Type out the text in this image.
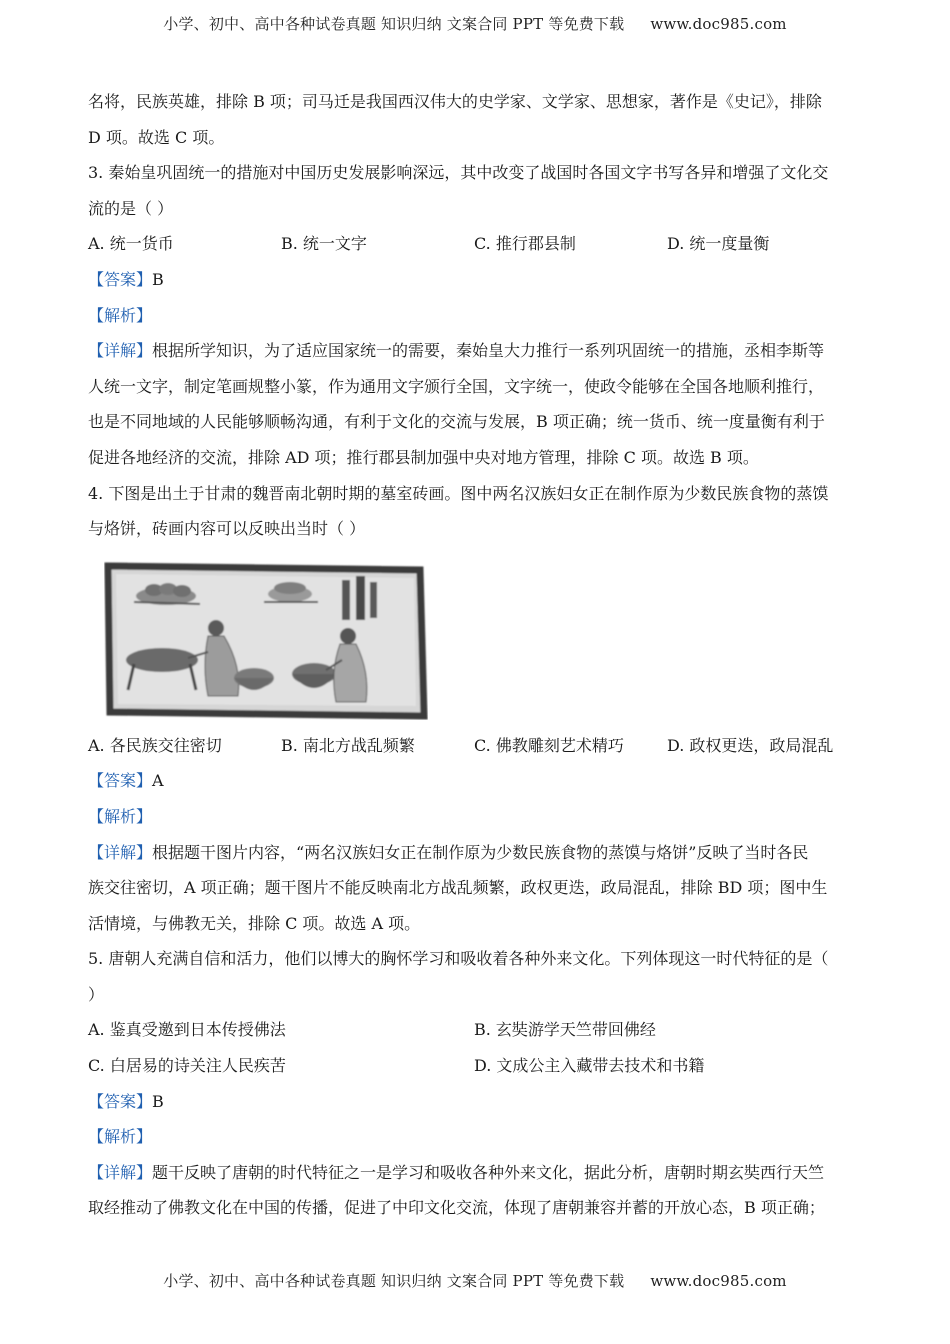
小学、初中、高中各种试卷真题 知识归纳 文案合同 PPT 等免费下载 www.doc985.com
名将，民族英雄，排除 B 项；司马迁是我国西汉伟大的史学家、文学家、思想家，著作是《史记》，排除
D 项。故选 C 项。
3. 秦始皇巩固统一的措施对中国历史发展影响深远，其中改变了战国时各国文字书写各异和增强了文化交
流的是（ ）
A. 统一货币	B. 统一文字	C. 推行郡县制	D. 统一度量衡
【答案】B
【解析】
【详解】根据所学知识，为了适应国家统一的需要，秦始皇大力推行一系列巩固统一的措施，丞相李斯等
人统一文字，制定笔画规整小篆，作为通用文字颁行全国，文字统一，使政令能够在全国各地顺利推行，
也是不同地域的人民能够顺畅沟通，有利于文化的交流与发展，B 项正确；统一货币、统一度量衡有利于
促进各地经济的交流，排除 AD 项；推行郡县制加强中央对地方管理，排除 C 项。故选 B 项。
4. 下图是出土于甘肃的魏晋南北朝时期的墓室砖画。图中两名汉族妇女正在制作原为少数民族食物的蒸馍
与烙饼，砖画内容可以反映出当时（ ）
A. 各民族交往密切	B. 南北方战乱频繁	C. 佛教雕刻艺术精巧	D. 政权更迭，政局混乱
【答案】A
【解析】
【详解】根据题干图片内容，“两名汉族妇女正在制作原为少数民族食物的蒸馍与烙饼”反映了当时各民
族交往密切，A 项正确；题干图片不能反映南北方战乱频繁，政权更迭，政局混乱，排除 BD 项；图中生
活情境，与佛教无关，排除 C 项。故选 A 项。
5. 唐朝人充满自信和活力，他们以博大的胸怀学习和吸收着各种外来文化。下列体现这一时代特征的是（
）
A. 鉴真受邀到日本传授佛法	B. 玄奘游学天竺带回佛经
C. 白居易的诗关注人民疾苦	D. 文成公主入藏带去技术和书籍
【答案】B
【解析】
【详解】题干反映了唐朝的时代特征之一是学习和吸收各种外来文化，据此分析，唐朝时期玄奘西行天竺
取经推动了佛教文化在中国的传播，促进了中印文化交流，体现了唐朝兼容并蓄的开放心态，B 项正确；
小学、初中、高中各种试卷真题 知识归纳 文案合同 PPT 等免费下载 www.doc985.com
